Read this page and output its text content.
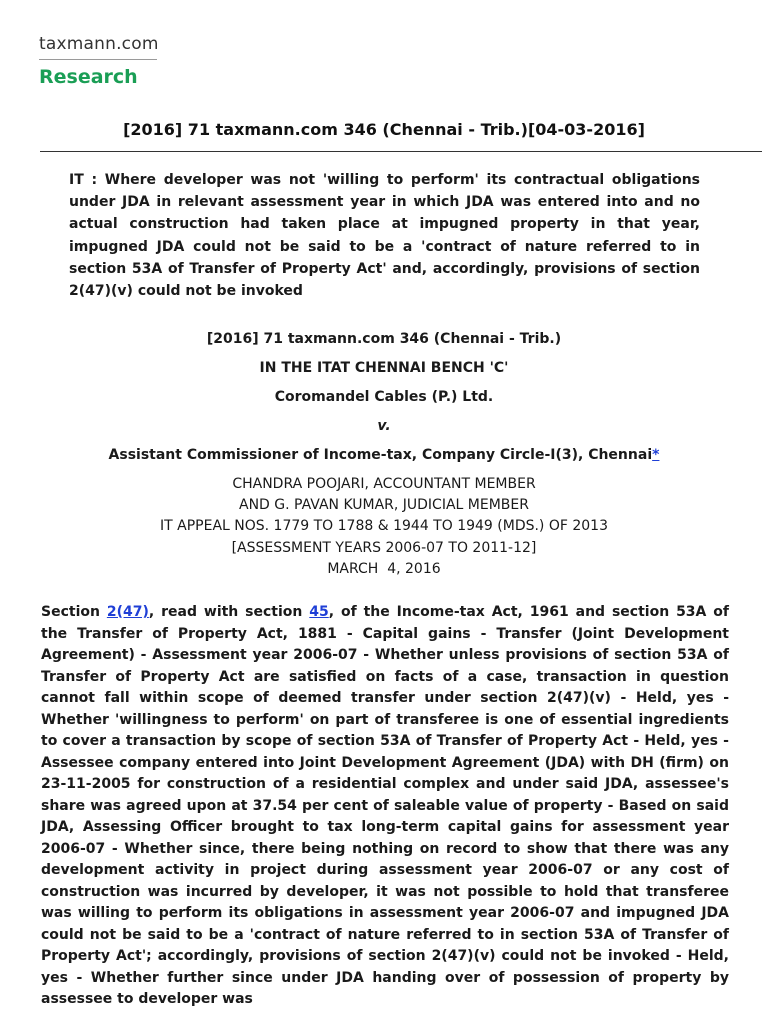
taxmann.com
Research
[2016] 71 taxmann.com 346 (Chennai - Trib.)[04-03-2016]
IT : Where developer was not 'willing to perform' its contractual obligations under JDA in relevant assessment year in which JDA was entered into and no actual construction had taken place at impugned property in that year, impugned JDA could not be said to be a 'contract of nature referred to in section 53A of Transfer of Property Act' and, accordingly, provisions of section 2(47)(v) could not be invoked
[2016] 71 taxmann.com 346 (Chennai - Trib.)
IN THE ITAT CHENNAI BENCH 'C'
Coromandel Cables (P.) Ltd.
v.
Assistant Commissioner of Income-tax, Company Circle-I(3), Chennai*
CHANDRA POOJARI, ACCOUNTANT MEMBER
AND G. PAVAN KUMAR, JUDICIAL MEMBER
IT APPEAL NOS. 1779 TO 1788 & 1944 TO 1949 (MDS.) OF 2013
[ASSESSMENT YEARS 2006-07 TO 2011-12]
MARCH  4, 2016
Section 2(47), read with section 45, of the Income-tax Act, 1961 and section 53A of the Transfer of Property Act, 1881 - Capital gains - Transfer (Joint Development Agreement) - Assessment year 2006-07 - Whether unless provisions of section 53A of Transfer of Property Act are satisfied on facts of a case, transaction in question cannot fall within scope of deemed transfer under section 2(47)(v) - Held, yes - Whether 'willingness to perform' on part of transferee is one of essential ingredients to cover a transaction by scope of section 53A of Transfer of Property Act - Held, yes - Assessee company entered into Joint Development Agreement (JDA) with DH (firm) on 23-11-2005 for construction of a residential complex and under said JDA, assessee's share was agreed upon at 37.54 per cent of saleable value of property - Based on said JDA, Assessing Officer brought to tax long-term capital gains for assessment year 2006-07 - Whether since, there being nothing on record to show that there was any development activity in project during assessment year 2006-07 or any cost of construction was incurred by developer, it was not possible to hold that transferee was willing to perform its obligations in assessment year 2006-07 and impugned JDA could not be said to be a 'contract of nature referred to in section 53A of Transfer of Property Act'; accordingly, provisions of section 2(47)(v) could not be invoked - Held, yes - Whether further since under JDA handing over of possession of property by assessee to developer was
